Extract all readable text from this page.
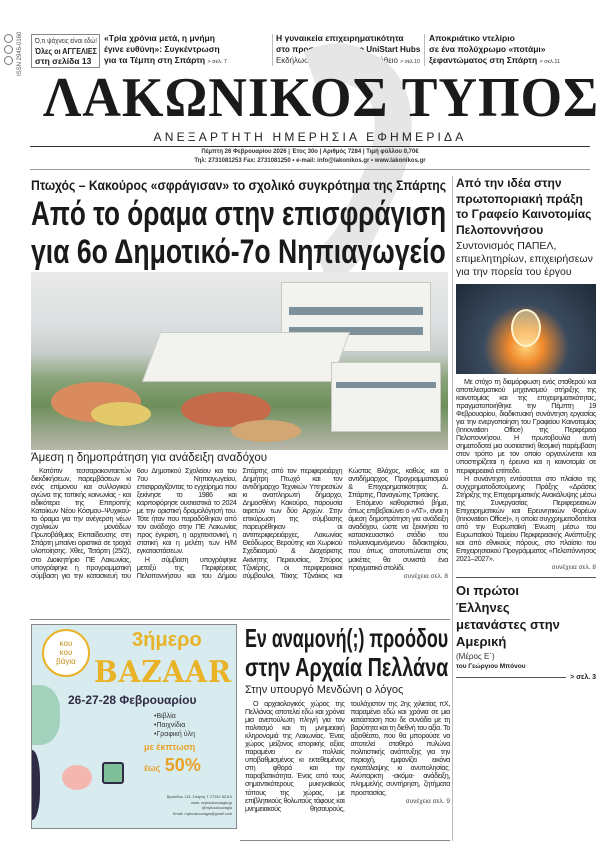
ISSN 2945-0160 Ό,τι ψάχνεις είναι εδώ!
Όλες οι ΑΓΓΕΛΙΕΣ
στη σελίδα 13
«Τρία χρόνια μετά, η μνήμη
έγινε ευθύνη»: Συγκέντρωση
για τα Τέμπη στη Σπάρτη > σελ. 7
Η γυναικεία επιχειρηματικότητα
στο προσκήνιο από το UniStart Hubs
Εκδήλωση την Κυριακή στο Γύθειο > σελ.10
Αποκριάτικο ντελίριο
σε ένα πολύχρωμο «ποτάμι»
ξεφαντώματος στη Σπάρτη > σελ.11
ΛΑΚΩΝΙΚΟΣ ΤΥΠΟΣ
ΑΝΕΞΑΡΤΗΤΗ ΗΜΕΡΗΣΙΑ ΕΦΗΜΕΡΙΔΑ
Πέμπτη 26 Φεβρουαρίου 2026 | Έτος 30ο | Αριθμός 7284 | Τιμή φύλλου 0,70€
Τηλ: 2731081253 Fax: 2731081250 • e-mail: info@lakonikos.gr • www.lakonikos.gr
Πτωχός – Κακούρος «σφράγισαν» το σχολικό συγκρότημα της Σπάρτης
Από το όραμα στην επισφράγιση
για 6ο Δημοτικό-7ο Νηπιαγωγείο
Άμεση η δημοπράτηση για ανάδειξη αναδόχου

Κατόπιν τεσσαρακονταετών διεκδικήσεων, παρεμβάσεων κι ενός επίμονου και συλλογικού αγώνα της τοπικής κοινωνίας - και ειδικότερα της Επιτροπής Κατοίκων Νέου Κόσμου–Ψυχικού- το όραμα για την ανέγερση νέων σχολικών μονάδων Πρωτοβάθμιας Εκπαίδευσης στη Σπάρτη μπαίνει οριστικά σε τροχιά υλοποίησης. Χθες, Τετάρτη (25/2), στο Διοικητήριο ΠΕ Λακωνίας, υπογράφηκε η προγραμματική σύμβαση για την κατασκευή του 6ου Δημοτικού Σχολείου και του 7ου Νηπιαγωγείου, επισφραγίζοντας το εγχείρημα που ξεκίνησε το 1986 και καρποφόρησε ουσιαστικά το 2024 με την οριστική δρομολόγησή του. Τότε ήταν που παραδόθηκαν από τον ανάδοχο στην ΠΕ Λακωνίας προς έγκριση, η αρχιτεκτονική, η στατική και η μελέτη των Η/Μ εγκαταστάσεων.

Η σύμβαση υπογράφηκε μεταξύ της Περιφέρειας Πελοποννήσου και του Δήμου Σπάρτης από τον περιφερειάρχη Δημήτρη Πτωχό και τον αντιδήμαρχο Τεχνικών Υπηρεσιών κι αναπληρωτή δήμαρχο, Δημοσθένη Κακούρο, παρουσία αιρετών των δύο Αρχών. Στην επικύρωση της σύμβασης παρευρέθηκαν οι αντιπεριφερειάρχες, Λακωνίας Θεόδωρος Βερούτης και Χωρικού Σχεδιασμού & Διαχείρισης Ακίνητης Περιουσίας, Σπύρος Τζινιέρης, οι περιφερειακοί σύμβουλοι, Τάκης Τζινάκος και Κώστας Βλάχος, καθώς και ο αντιδήμαρχος Προγραμματισμού & Επιχειρηματικότητας Δ. Σπάρτης, Παναγιώτης Τριτάκης.

Επόμενο καθοριστικό βήμα, όπως επιβεβαιώνει ο «ΛΤ», είναι η άμεση δημοπράτηση για ανάδειξη αναδόχου, ώστε να ξεκινήσει το κατασκευαστικό στάδιο του πολυαναμενόμενου διδακτηρίου, που όπως αποτυπώνεται στις μακέτες θα συνιστά ένα πραγματικό στολίδι.

συνέχεια σελ. 8

κου
κου
βάγια
3ήμερο
BAZAAR
26-27-28 Φεβρουαρίου
•Βιβλία
•Παιχνίδια
•Γραφική ύλη
με έκπτωση
έως 50%
Βρασίδου 115, Σπάρτη Τ. 27310 82119
www. mykoukouvagia.gr
@mykoukouvagia
Email: mykoukouvagia@gmail.com
Εν αναμονή(;) προόδου
στην Αρχαία Πελλάνα
Στην υπουργό Μενδώνη ο λόγος

Ο αρχαιολογικός χώρος της Πελλάνας αποτελεί εδώ και χρόνια μια ανεπούλωτη πληγή για τον πολιτισμό και τη μνημειακή κληρονομιά της Λακωνίας. Ένας χώρος μείζονος ιστορικής αξίας παραμένει εν πολλοίς υποβαθμισμένος κι εκτεθειμένος στη φθορά και την παραβατικότητα. Ένας από τους σημαντικότερους μυκηναϊκούς τόπους της χώρας, με επιβλητικούς θολωτούς τάφους και μνημειακούς θησαυρούς, τουλάχιστον της 2ης χιλιετίας πΧ, παραμένει εδώ και χρόνια σε μια κατάσταση που δε συνάδει με τη βαρύτητα και τη διεθνή του αξία. Το αξιοθέατο, που θα μπορούσε να αποτελεί σταθερό πυλώνα πολιτιστικής ανάπτυξης για την περιοχή, εμφανίζει εικόνα εγκατάλειψης κι ανυπολησίας. Ανύπαρκτη -ακόμα- ανάδειξη, πλημμελής συντήρηση, ζητήματα προστασίας.

συνέχεια σελ. 9

Από την ιδέα στην πρωτοποριακή πράξη το Γραφείο Καινοτομίας Πελοποννήσου
Συντονισμός ΠΑΠΕΛ, επιμελητηρίων, επιχειρήσεων για την πορεία του έργου

Με στόχο τη διαμόρφωση ενός σταθερού και αποτελεσματικού μηχανισμού στήριξης της καινοτομίας και της επιχειρηματικότητας, πραγματοποιήθηκε την Πέμπτη 19 Φεβρουαρίου, διαδικτυακή συνάντηση εργασίας για την ενεργοποίηση του Γραφείου Καινοτομίας (Innovation Office) της Περιφέρεια Πελοποννήσου. Η πρωτοβουλία αυτή σηματοδοτεί μια ουσιαστική θεσμική παρέμβαση στον τρόπο με τον οποίο οργανώνεται και υποστηρίζεται η έρευνα και η καινοτομία σε περιφερειακό επίπεδο.

Η συνάντηση εντάσσεται στο πλαίσιο της συγχρηματοδοτούμενης Πράξης «Δράσεις Στήριξης της Επιχειρηματικής Ανακάλυψης μέσω της Συνεργασίας Περιφερειακών Επιχειρηματικών και Ερευνητικών Φορέων (Innovation Office)», η οποία συγχρηματοδοτείται από την Ευρωπαϊκή Ένωση μέσω του Ευρωπαϊκού Ταμείου Περιφερειακής Ανάπτυξης και από εθνικούς πόρους, στο πλαίσιο του Επιχειρησιακού Προγράμματος «Πελοπόννησος 2021–2027».

συνέχεια σελ. 8

Οι πρώτοι Έλληνες μετανάστες στην Αμερική
(Μέρος Ε΄)
του Γεώργιου Μπόνου
> σελ. 3
